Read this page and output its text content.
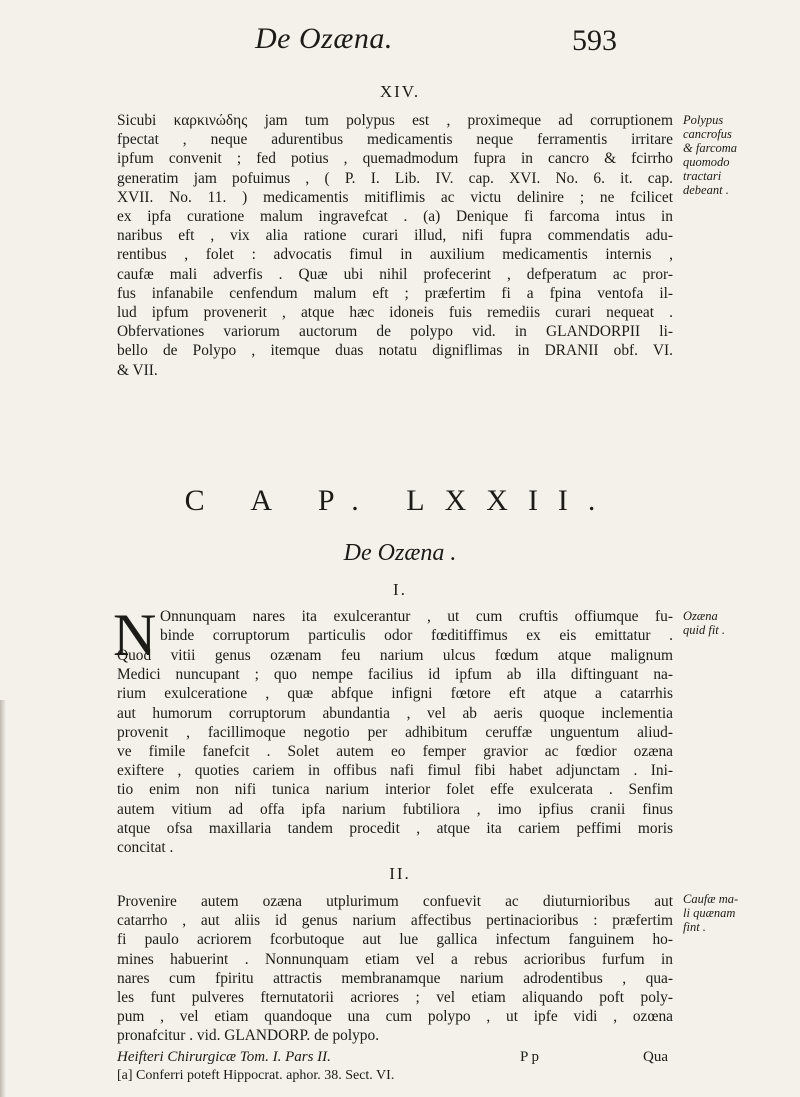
De Ozæna.	593
XIV.
Sicubi καρκινώδης jam tum polypus est , proximeque ad corruptionem
fpectat , neque adurentibus medicamentis neque ferramentis irritare
ipfum convenit ; fed potius , quemadmodum fupra in cancro & fcirrho
generatim jam pofuimus , ( P. I. Lib. IV. cap. XVI. No. 6. it. cap.
XVII. No. 11. ) medicamentis mitiflimis ac victu delinire ; ne fcilicet
ex ipfa curatione malum ingravefcat . (a) Denique fi farcoma intus in
naribus eft , vix alia ratione curari illud, nifi fupra commendatis adu-
rentibus , folet : advocatis fimul in auxilium medicamentis internis ,
caufæ mali adverfis . Quæ ubi nihil profecerint , defperatum ac pror-
fus infanabile cenfendum malum eft ; præfertim fi a fpina ventofa il-
lud ipfum provenerit , atque hæc idoneis fuis remediis curari nequeat .
Obfervationes variorum auctorum de polypo vid. in GLANDORPII li-
bello de Polypo , itemque duas notatu digniflimas in DRANII obf. VI.
& VII.
Polypus
cancrofus
& farcoma
quomodo
tractari
debeant .
C A P. LXXII.
De Ozæna .
I.
N Onnunquam nares ita exulcerantur , ut cum cruftis offiumque fu-
binde corruptorum particulis odor fœditiffimus ex eis emittatur .
Quod vitii genus ozænam feu narium ulcus fœdum atque malignum
Medici nuncupant ; quo nempe facilius id ipfum ab illa diftinguant na-
rium exulceratione , quæ abfque infigni fœtore eft atque a catarrhis
aut humorum corruptorum abundantia , vel ab aeris quoque inclementia
provenit , facillimoque negotio per adhibitum ceruffæ unguentum aliud-
ve fimile fanefcit . Solet autem eo femper gravior ac fœdior ozæna
exiftere , quoties cariem in offibus nafi fimul fibi habet adjunctam . Ini-
tio enim non nifi tunica narium interior folet effe exulcerata . Senfim
autem vitium ad offa ipfa narium fubtiliora , imo ipfius cranii finus
atque ofsa maxillaria tandem procedit , atque ita cariem peffimi moris
concitat .
Ozæna
quid fit .
II.
Provenire autem ozæna utplurimum confuevit ac diuturnioribus aut
catarrho , aut aliis id genus narium affectibus pertinacioribus : præfertim
fi paulo acriorem fcorbutoque aut lue gallica infectum fanguinem ho-
mines habuerint . Nonnunquam etiam vel a rebus acrioribus furfum in
nares cum fpiritu attractis membranamque narium adrodentibus , qua-
les funt pulveres fternutatorii acriores ; vel etiam aliquando poft poly-
pum , vel etiam quandoque una cum polypo , ut ipfe vidi , ozœna
pronafcitur . vid. GLANDORP. de polypo.
Caufæ ma-
li quænam
fint .
Heifteri Chirurgicæ Tom. I. Pars II.	P p	Qua
[a] Conferri poteft Hippocrat. aphor. 38. Sect. VI.
